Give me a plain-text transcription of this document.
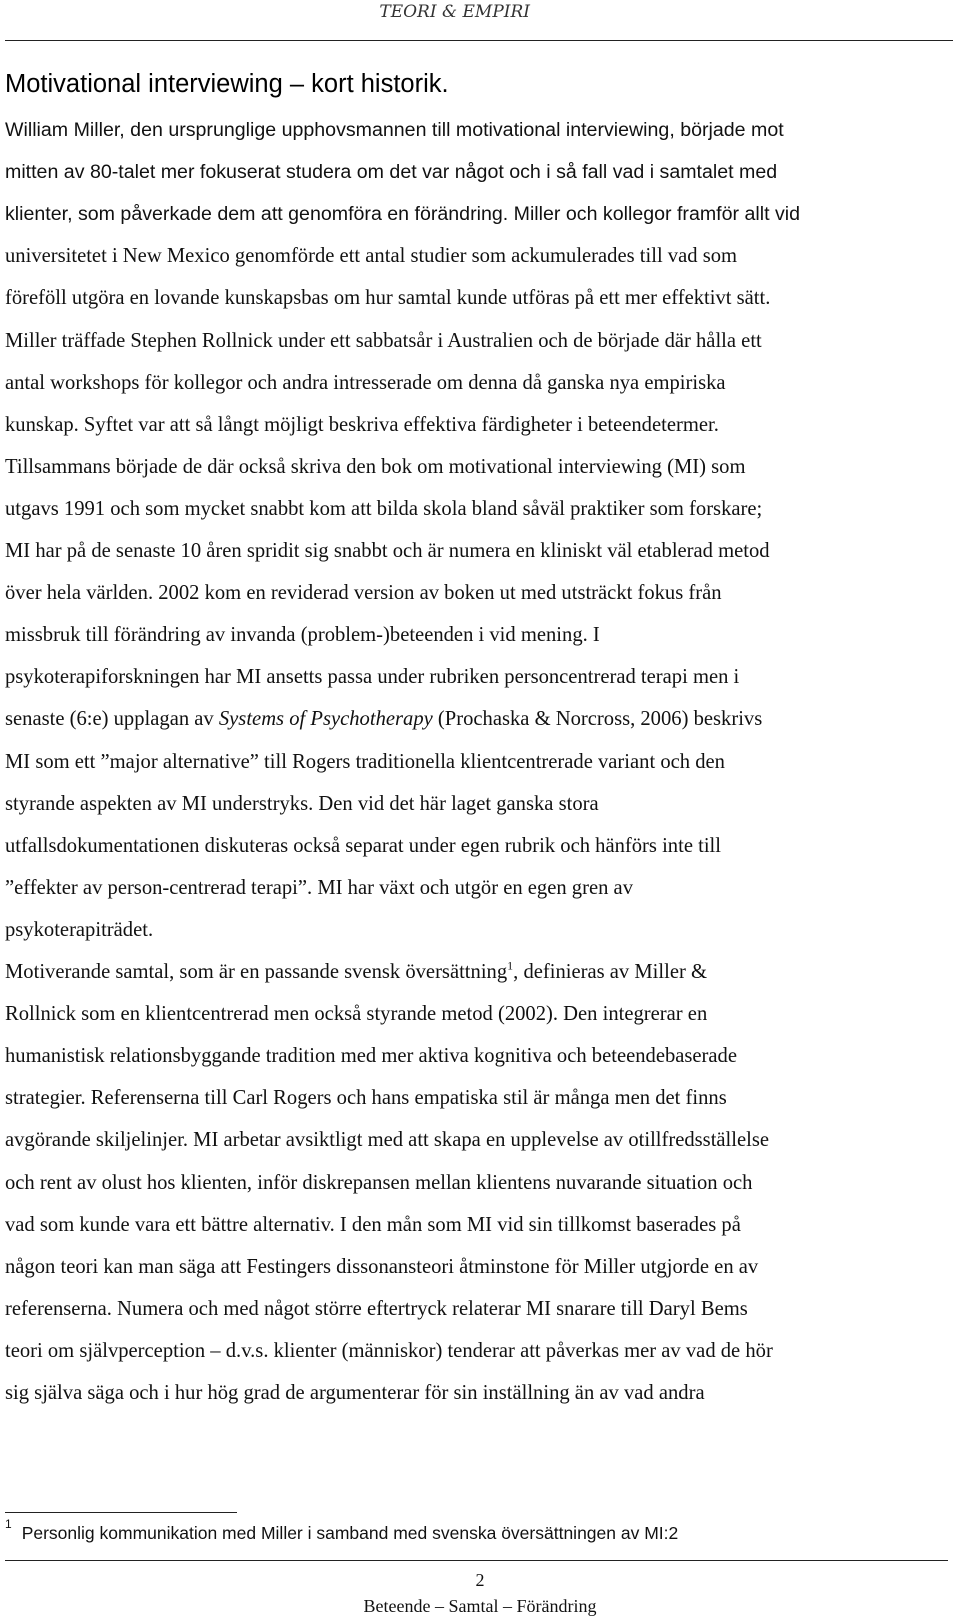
TEORI & EMPIRI
Motivational interviewing – kort historik.
William Miller, den ursprunglige upphovsmannen till motivational interviewing, började mot
mitten av 80-talet mer fokuserat studera om det var något och i så fall vad i samtalet med
klienter, som påverkade dem att genomföra en förändring. Miller och kollegor framför allt vid
universitetet i New Mexico genomförde ett antal studier som ackumulerades till vad som
föreföll utgöra en lovande kunskapsbas om hur samtal kunde utföras på ett mer effektivt sätt.
Miller träffade Stephen Rollnick under ett sabbatsår i Australien och de började där hålla ett
antal workshops för kollegor och andra intresserade om denna då ganska nya empiriska
kunskap. Syftet var att så långt möjligt beskriva effektiva färdigheter i beteendetermer.
Tillsammans började de där också skriva den bok om motivational interviewing (MI) som
utgavs 1991 och som mycket snabbt kom att bilda skola bland såväl praktiker som forskare;
MI har på de senaste 10 åren spridit sig snabbt och är numera en kliniskt väl etablerad metod
över hela världen. 2002 kom en reviderad version av boken ut med utsträckt fokus från
missbruk till förändring av invanda (problem-)beteenden i vid mening. I
psykoterapiforskningen har MI ansetts passa under rubriken personcentrerad terapi men i
senaste (6:e) upplagan av Systems of Psychotherapy (Prochaska & Norcross, 2006) beskrivs
MI som ett ”major alternative” till Rogers traditionella klientcentrerade variant och den
styrande aspekten av MI understryks. Den vid det här laget ganska stora
utfallsdokumentationen diskuteras också separat under egen rubrik och hänförs inte till
”effekter av person-centrerad terapi”. MI har växt och utgör en egen gren av
psykoterapiträdet.
Motiverande samtal, som är en passande svensk översättning$^1$, definieras av Miller &
Rollnick som en klientcentrerad men också styrande metod (2002). Den integrerar en
humanistisk relationsbyggande tradition med mer aktiva kognitiva och beteendebaserade
strategier. Referenserna till Carl Rogers och hans empatiska stil är många men det finns
avgörande skiljelinjer. MI arbetar avsiktligt med att skapa en upplevelse av otillfredsställelse
och rent av olust hos klienten, inför diskrepansen mellan klientens nuvarande situation och
vad som kunde vara ett bättre alternativ. I den mån som MI vid sin tillkomst baserades på
någon teori kan man säga att Festingers dissonansteori åtminstone för Miller utgjorde en av
referenserna. Numera och med något större eftertryck relaterar MI snarare till Daryl Bems
teori om självperception – d.v.s. klienter (människor) tenderar att påverkas mer av vad de hör
sig själva säga och i hur hög grad de argumenterar för sin inställning än av vad andra
$^1$ Personlig kommunikation med Miller i samband med svenska översättningen av MI:2
2
Beteende – Samtal – Förändring
